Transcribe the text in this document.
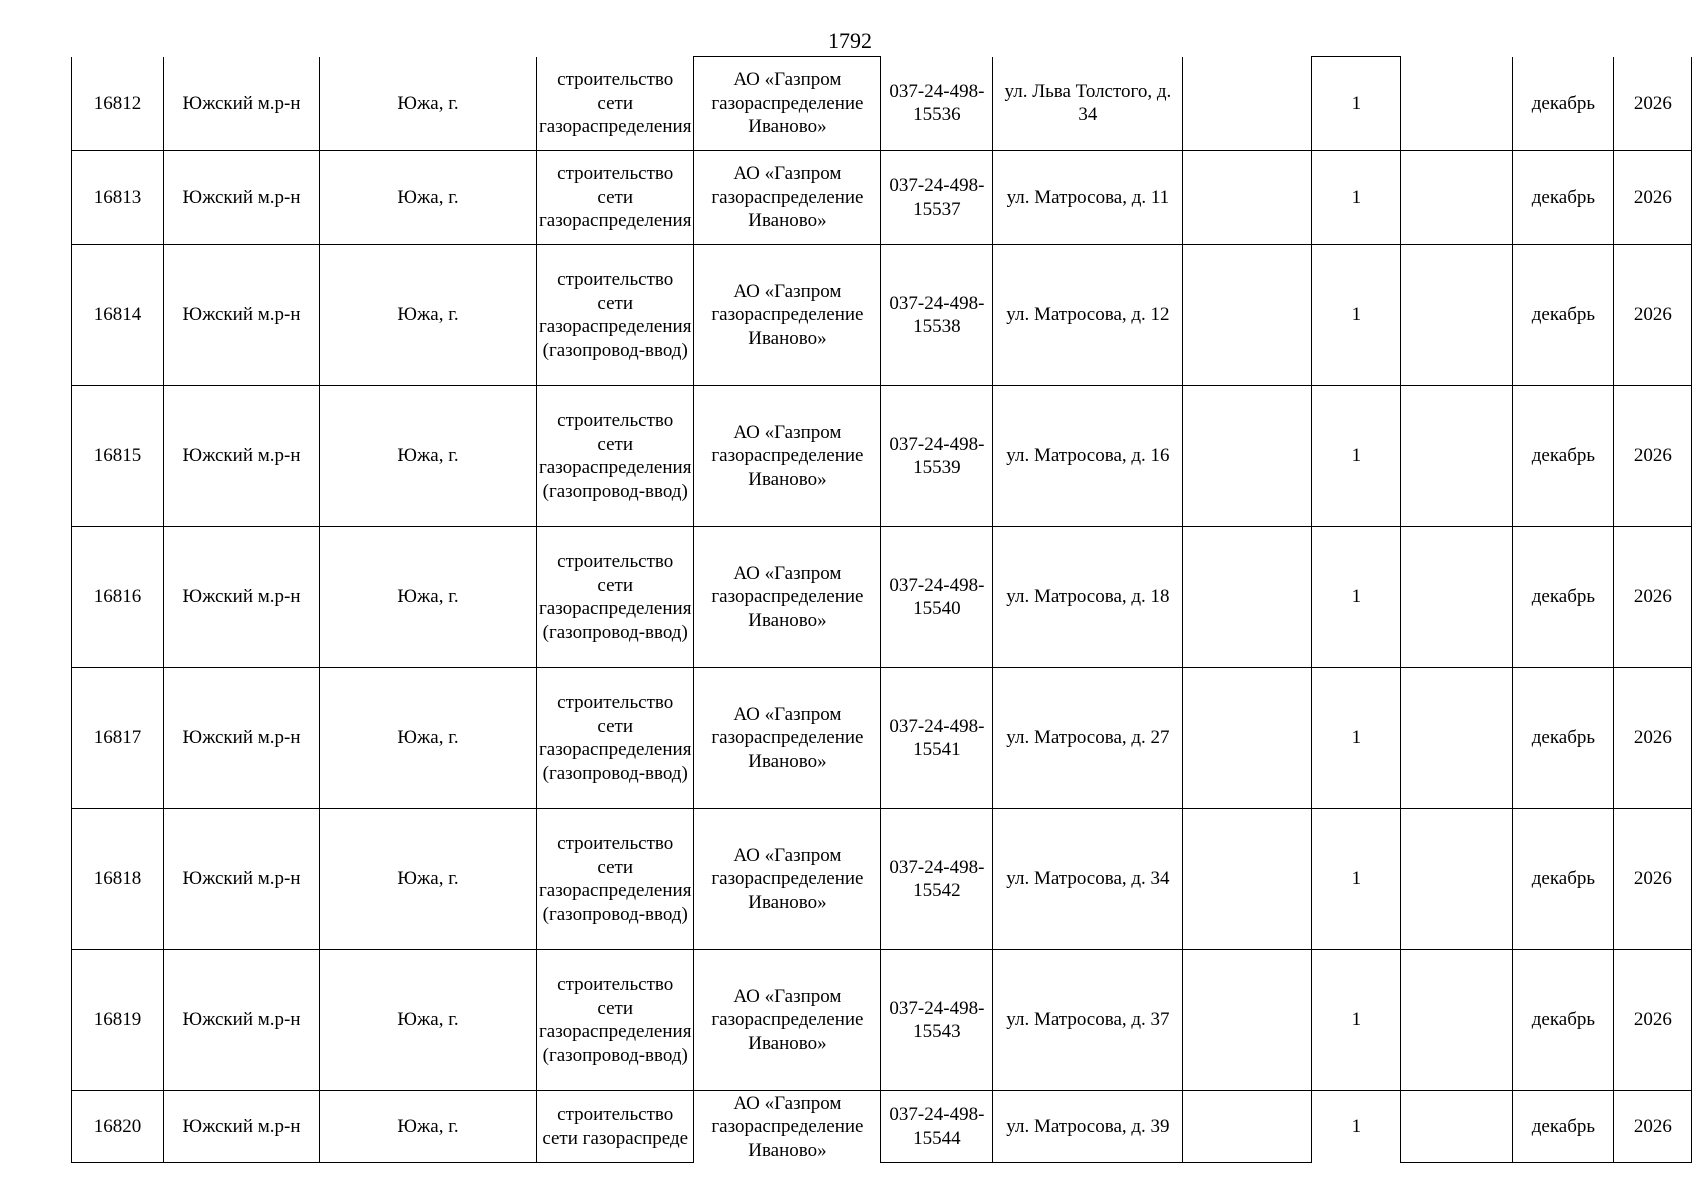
1792
16812	Южский м.р-н	Южа, г.	строительство сети газораспределения	АО «Газпром газораспределение Иваново»	037-24-498-15536	ул. Льва Толстого, д. 34		1		декабрь	2026
16813	Южский м.р-н	Южа, г.	строительство сети газораспределения	АО «Газпром газораспределение Иваново»	037-24-498-15537	ул. Матросова, д. 11		1		декабрь	2026
16814	Южский м.р-н	Южа, г.	строительство сети газораспределения (газопровод-ввод)	АО «Газпром газораспределение Иваново»	037-24-498-15538	ул. Матросова, д. 12		1		декабрь	2026
16815	Южский м.р-н	Южа, г.	строительство сети газораспределения (газопровод-ввод)	АО «Газпром газораспределение Иваново»	037-24-498-15539	ул. Матросова, д. 16		1		декабрь	2026
16816	Южский м.р-н	Южа, г.	строительство сети газораспределения (газопровод-ввод)	АО «Газпром газораспределение Иваново»	037-24-498-15540	ул. Матросова, д. 18		1		декабрь	2026
16817	Южский м.р-н	Южа, г.	строительство сети газораспределения (газопровод-ввод)	АО «Газпром газораспределение Иваново»	037-24-498-15541	ул. Матросова, д. 27		1		декабрь	2026
16818	Южский м.р-н	Южа, г.	строительство сети газораспределения (газопровод-ввод)	АО «Газпром газораспределение Иваново»	037-24-498-15542	ул. Матросова, д. 34		1		декабрь	2026
16819	Южский м.р-н	Южа, г.	строительство сети газораспределения (газопровод-ввод)	АО «Газпром газораспределение Иваново»	037-24-498-15543	ул. Матросова, д. 37		1		декабрь	2026
16820	Южский м.р-н	Южа, г.	строительство сети газораспреде	АО «Газпром газораспределение Иваново»	037-24-498-15544	ул. Матросова, д. 39		1		декабрь	2026
